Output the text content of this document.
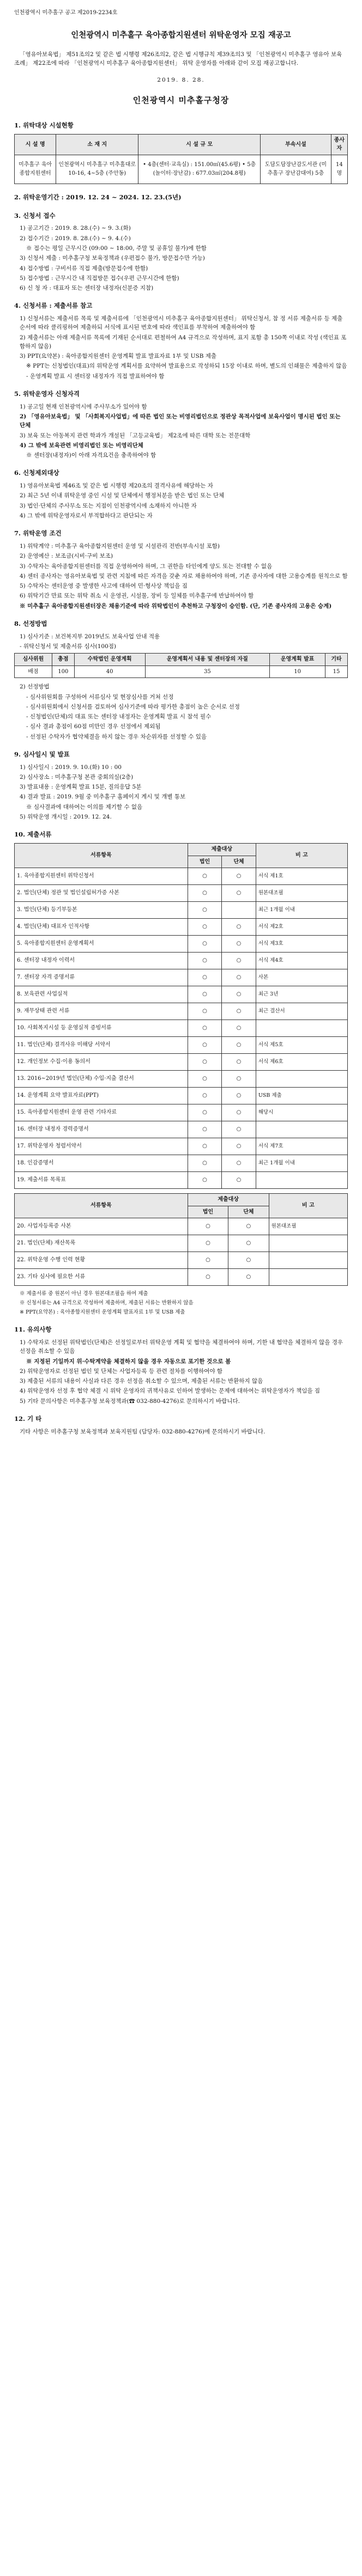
인천광역시 미추홀구 공고 제2019-2234호
인천광역시 미추홀구 육아종합지원센터 위탁운영자 모집 재공고

「영유아보육법」 제51조의2 및 같은 법 시행령 제26조의2, 같은 법 시행규칙 제39조의3 및 「인천광역시 미추홀구 영유아 보육 조례」 제22조에 따라 「인천광역시 미추홀구 육아종합지원센터」 위탁 운영자를 아래와 같이 모집 재공고합니다.

2019. 8. 28.
인천광역시 미추홀구청장
1. 위탁대상 시설현황
시 설 명	소 재 지	시 설 규 모	부속시설	종사자
미추홀구 육아종합지원센터	인천광역시 미추홀구 미추홀대로 10-16, 4~5층 (주안동)	• 4층(센터·교육실) : 151.00㎡(45.6평) • 5층(놀이터·장난감) : 677.03㎡(204.8평)	도담도담장난감도서관 (미추홀구 장난감대여) 5층	14명
2. 위탁운영기간 : 2019. 12. 24 ~ 2024. 12. 23.(5년)
3. 신청서 접수

1) 공고기간 : 2019. 8. 28.(수) ~ 9. 3.(화)

2) 접수기간 : 2019. 8. 28.(수) ~ 9. 4.(수)

※ 접수는 평일 근무시간 (09:00 ~ 18:00, 주말 및 공휴일 불가)에 한함

3) 신청서 제출 : 미추홀구청 보육정책과 (우편접수 불가, 방문접수만 가능)

4) 접수방법 : 구비서류 직접 제출(방문접수에 한함)

5) 접수방법 : 근무시간 내 직접방문 접수(우편 근무시간에 한함)

6) 신 청 자 : 대표자 또는 센터장 내정자(신분증 지참)

4. 신청서류 : 제출서류 참고

1) 신청서류는 제출서류 목록 및 제출서류에 「인천광역시 미추홀구 육아종합지원센터」 위탁신청서, 참 정 서류 제출서류 등 제출 순서에 따라 클리핑하여 제출하되 서식에 표시된 번호에 따라 색인표를 부착하여 제출하여야 함

2) 제출서류는 아래 제출서류 목록에 기재된 순서대로 편철하여 A4 규격으로 작성하며, 표지 포함 총 150쪽 이내로 작성 (색인표 포함하지 않음)

3) PPT(요약본) : 육아종합지원센터 운영계획 발표 발표자료 1부 및 USB 제출

※ PPT는 신청법인(대표)의 위탁운영 계획서를 요약하여 발표용으로 작성하되 15장 이내로 하며, 별도의 인쇄물은 제출하지 않음

- 운영계획 발표 시 센터장 내정자가 직접 발표하여야 함

5. 위탁운영자 신청자격

1) 공고일 현재 인천광역시에 주사무소가 있어야 함

2) 「영유아보육법」 및 「사회복지사업법」에 따른 법인 또는 비영리법인으로 정관상 목적사업에 보육사업이 명시된 법인 또는 단체

3) 보육 또는 아동복지 관련 학과가 개설된 「고등교육법」 제2조에 따른 대학 또는 전문대학

4) 그 밖에 보육관련 비영리법인 또는 비영리단체

※ 센터장(내정자)이 아래 자격요건을 충족하여야 함

6. 신청제외대상

1) 영유아보육법 제46조 및 같은 법 시행령 제20조의 결격사유에 해당하는 자

2) 최근 5년 이내 위탁운영 중인 시설 및 단체에서 행정처분을 받은 법인 또는 단체

3) 법인·단체의 주사무소 또는 지점이 인천광역시에 소재하지 아니한 자

4) 그 밖에 위탁운영자로서 부적합하다고 판단되는 자

7. 위탁운영 조건

1) 위탁계약 : 미추홀구 육아종합지원센터 운영 및 시설관리 전반(부속시설 포함)

2) 운영예산 : 보조금(시비·구비 보조)

3) 수탁자는 육아종합지원센터를 직접 운영하여야 하며, 그 권한을 타인에게 양도 또는 전대할 수 없음

4) 센터 종사자는 영유아보육법 및 관련 지침에 따른 자격을 갖춘 자로 채용하여야 하며, 기존 종사자에 대한 고용승계를 원칙으로 함

5) 수탁자는 센터운영 중 발생한 사고에 대하여 민·형사상 책임을 짐

6) 위탁기간 만료 또는 위탁 취소 시 운영권, 시설물, 장비 등 일체를 미추홀구에 반납하여야 함

※ 미추홀구 육아종합지원센터장은 채용기준에 따라 위탁법인이 추천하고 구청장이 승인함. (단, 기존 종사자의 고용은 승계)

8. 선정방법

1) 심사기준 : 보건복지부 2019년도 보육사업 안내 적용

- 위탁신청서 및 제출서류 심사(100점)

심사위원	총점	수탁법인 운영계획	운영계획서 내용 및 센터장의 자질	운영계획 발표	기타
배점	100	40	35	10	15

2) 선정방법

- 심사위원회를 구성하여 서류심사 및 현장심사를 거쳐 선정

- 심사위원회에서 신청서를 검토하여 심사기준에 따라 평가한 총점이 높은 순서로 선정

- 신청법인(단체)의 대표 또는 센터장 내정자는 운영계획 발표 시 참석 필수

- 심사 결과 총점이 60점 미만인 경우 선정에서 제외됨

- 선정된 수탁자가 협약체결을 하지 않는 경우 차순위자를 선정할 수 있음

9. 심사일시 및 발표

1) 심사일시 : 2019. 9. 10.(화) 10 : 00

2) 심사장소 : 미추홀구청 본관 중회의실(2층)

3) 발표내용 : 운영계획 발표 15분, 질의응답 5분

4) 결과 발표 : 2019. 9월 중 미추홀구 홈페이지 게시 및 개별 통보

※ 심사결과에 대하여는 이의를 제기할 수 없음

5) 위탁운영 개시일 : 2019. 12. 24.

10. 제출서류
서류항목	제출대상		비 고
	법인	단체	
1. 육아종합지원센터 위탁신청서	○	○	서식 제1호
2. 법인(단체) 정관 및 법인설립허가증 사본	○	○	원본대조필
3. 법인(단체) 등기부등본	○		최근 1개월 이내
4. 법인(단체) 대표자 인적사항	○	○	서식 제2호
5. 육아종합지원센터 운영계획서	○	○	서식 제3호
6. 센터장 내정자 이력서	○	○	서식 제4호
7. 센터장 자격 증명서류	○	○	사본
8. 보육관련 사업실적	○	○	최근 3년
9. 재무상태 관련 서류	○	○	최근 결산서
10. 사회복지시설 등 운영실적 증빙서류	○	○	
11. 법인(단체) 결격사유 미해당 서약서	○	○	서식 제5호
12. 개인정보 수집·이용 동의서	○	○	서식 제6호
13. 2016~2019년 법인(단체) 수입·지출 결산서	○	○	
14. 운영계획 요약 발표자료(PPT)	○	○	USB 제출
15. 육아종합지원센터 운영 관련 기타자료	○	○	해당시
16. 센터장 내정자 경력증명서	○	○	
17. 위탁운영자 청렴서약서	○	○	서식 제7호
18. 인감증명서	○	○	최근 1개월 이내
19. 제출서류 목록표	○	○	
서류항목	제출대상		비 고
	법인	단체	
20. 사업자등록증 사본	○	○	원본대조필
21. 법인(단체) 재산목록	○	○	
22. 위탁운영 수행 인력 현황	○	○	
23. 기타 심사에 필요한 서류	○	○	

※ 제출서류 중 원본이 아닌 경우 원본대조필을 하여 제출

※ 신청서류는 A4 규격으로 작성하여 제출하며, 제출된 서류는 반환하지 않음

※ PPT(요약본) : 육아종합지원센터 운영계획 발표자료 1부 및 USB 제출

11. 유의사항

1) 수탁자로 선정된 위탁법인(단체)은 선정일로부터 위탁운영 계획 및 협약을 체결하여야 하며, 기한 내 협약을 체결하지 않을 경우 선정을 취소할 수 있음

※ 지정된 기일까지 위·수탁계약을 체결하지 않을 경우 자동으로 포기한 것으로 봄

2) 위탁운영자로 선정된 법인 및 단체는 사업자등록 등 관련 절차를 이행하여야 함

3) 제출된 서류의 내용이 사실과 다른 경우 선정을 취소할 수 있으며, 제출된 서류는 반환하지 않음

4) 위탁운영자 선정 후 협약 체결 시 위탁 운영자의 귀책사유로 인하여 발생하는 문제에 대하여는 위탁운영자가 책임을 짐

5) 기타 문의사항은 미추홀구청 보육정책과(☎ 032-880-4276)로 문의하시기 바랍니다.

12. 기 타

기타 사항은 미추홀구청 보육정책과 보육지원팀 (담당자: 032-880-4276)에 문의하시기 바랍니다.
